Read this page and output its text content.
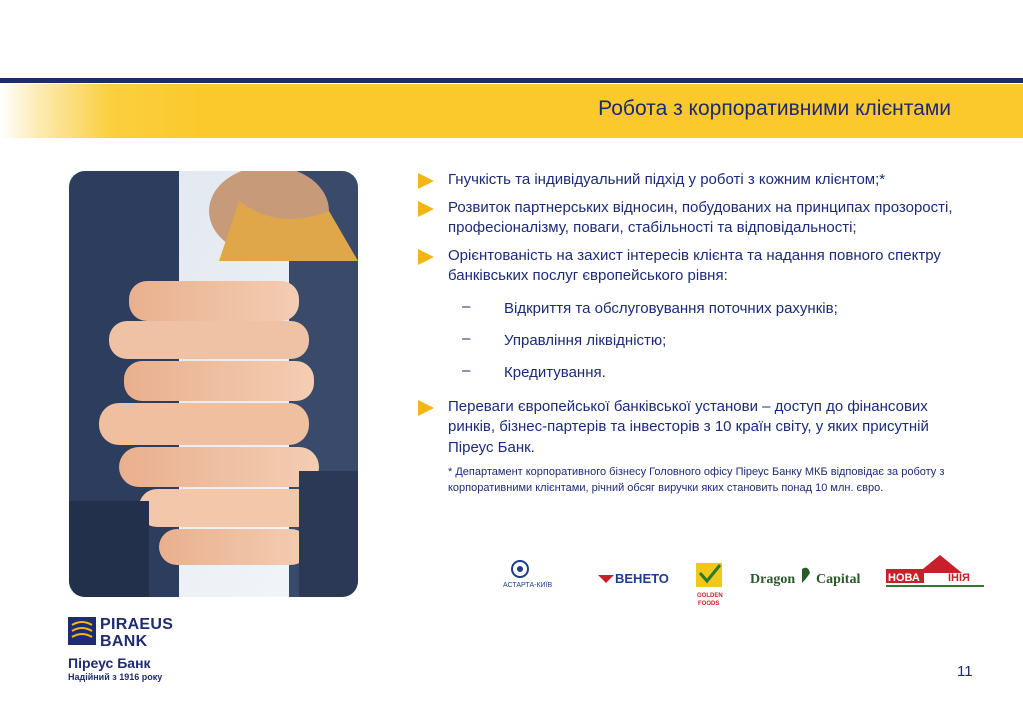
Робота з корпоративними клієнтами
Гнучкість та індивідуальний підхід у роботі з кожним клієнтом;*
Розвиток партнерських відносин, побудованих на принципах прозорості, професіоналізму, поваги, стабільності та відповідальності;
Орієнтованість на захист інтересів клієнта та надання повного спектру банківських послуг європейського рівня:
– Відкриття та обслуговування поточних рахунків;
– Управління ліквідністю;
– Кредитування.
Переваги європейської банківської установи – доступ до фінансових ринків, бізнес-партерів та інвесторів з 10 країн світу, у яких присутній Піреус Банк.
* Департамент корпоративного бізнесу Головного офісу Піреус Банку МКБ відповідає за роботу з корпоративними клієнтами, річний обсяг виручки яких становить понад 10 млн. євро.
АСТАРТА-КИЇВ	ВЕНЕТО
GOLDEN
FOODS
Dragon Capital	НОВА	ІНІЯ
PIRAEUS
BANK
Піреус Банк
Надійний з 1916 року	11
